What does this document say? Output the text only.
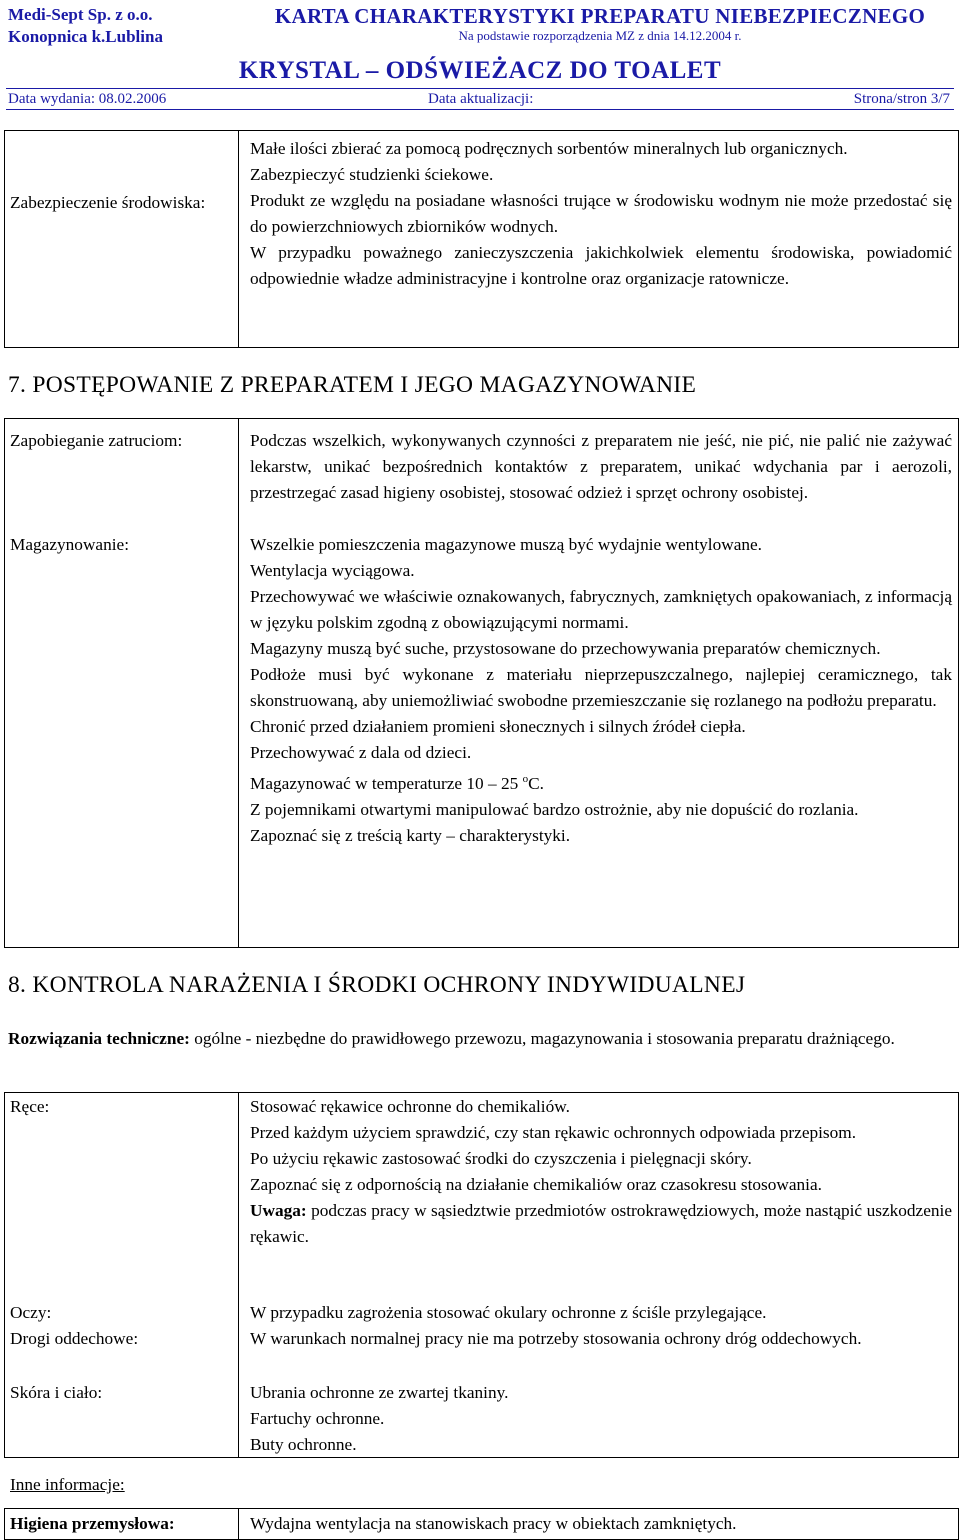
Medi-Sept Sp. z o.o.
Konopnica k.Lublina
KARTA CHARAKTERYSTYKI PREPARATU NIEBEZPIECZNEGO
Na podstawie rozporządzenia MZ z dnia 14.12.2004 r.
KRYSTAL – ODŚWIEŻACZ DO TOALET
Data wydania: 08.02.2006	Data aktualizacji:	Strona/stron 3/7
Zabezpieczenie środowiska:

Małe ilości zbierać za pomocą podręcznych sorbentów mineralnych lub organicznych.

Zabezpieczyć studzienki ściekowe.

Produkt ze względu na posiadane własności trujące w środowisku wodnym nie może przedostać się do powierzchniowych zbiorników wodnych.

W przypadku poważnego zanieczyszczenia jakichkolwiek elementu środowiska, powiadomić odpowiednie władze administracyjne i kontrolne oraz organizacje ratownicze.

7. POSTĘPOWANIE Z PREPARATEM I JEGO MAGAZYNOWANIE
Zapobieganie zatruciom:	Podczas wszelkich, wykonywanych czynności z preparatem nie jeść, nie pić, nie palić nie zażywać lekarstw, unikać bezpośrednich kontaktów z preparatem, unikać wdychania par i aerozoli, przestrzegać zasad higieny osobistej, stosować odzież i sprzęt ochrony osobistej.
Magazynowanie:	Wszelkie pomieszczenia magazynowe muszą być wydajnie wentylowane.

Wentylacja wyciągowa.

Przechowywać we właściwie oznakowanych, fabrycznych, zamkniętych opakowaniach, z informacją w języku polskim zgodną z obowiązującymi normami.

Magazyny muszą być suche, przystosowane do przechowywania preparatów chemicznych.

Podłoże musi być wykonane z materiału nieprzepuszczalnego, najlepiej ceramicznego, tak skonstruowaną, aby uniemożliwiać swobodne przemieszczanie się rozlanego na podłożu preparatu.

Chronić przed działaniem promieni słonecznych i silnych źródeł ciepła.

Przechowywać z dala od dzieci.

Magazynować w temperaturze 10 – 25 $^o$C.

Z pojemnikami otwartymi manipulować bardzo ostrożnie, aby nie dopuścić do rozlania.

Zapoznać się z treścią karty – charakterystyki.

8. KONTROLA NARAŻENIA I ŚRODKI OCHRONY INDYWIDUALNEJ
Rozwiązania techniczne: ogólne - niezbędne do prawidłowego przewozu, magazynowania i stosowania preparatu drażniącego.
Ręce:	Stosować rękawice ochronne do chemikaliów.

Przed każdym użyciem sprawdzić, czy stan rękawic ochronnych odpowiada przepisom.

Po użyciu rękawic zastosować środki do czyszczenia i pielęgnacji skóry.

Zapoznać się z odpornością na działanie chemikaliów oraz czasokresu stosowania.

Uwaga: podczas pracy w sąsiedztwie przedmiotów ostrokrawędziowych, może nastąpić uszkodzenie rękawic.

Oczy:	W przypadku zagrożenia stosować okulary ochronne z ściśle przylegające.
Drogi oddechowe:	W warunkach normalnej pracy nie ma potrzeby stosowania ochrony dróg oddechowych.
Skóra i ciało:	Ubrania ochronne ze zwartej tkaniny.

Fartuchy ochronne.

Buty ochronne.

Inne informacje:
Higiena przemysłowa:	Wydajna wentylacja na stanowiskach pracy w obiektach zamkniętych.
